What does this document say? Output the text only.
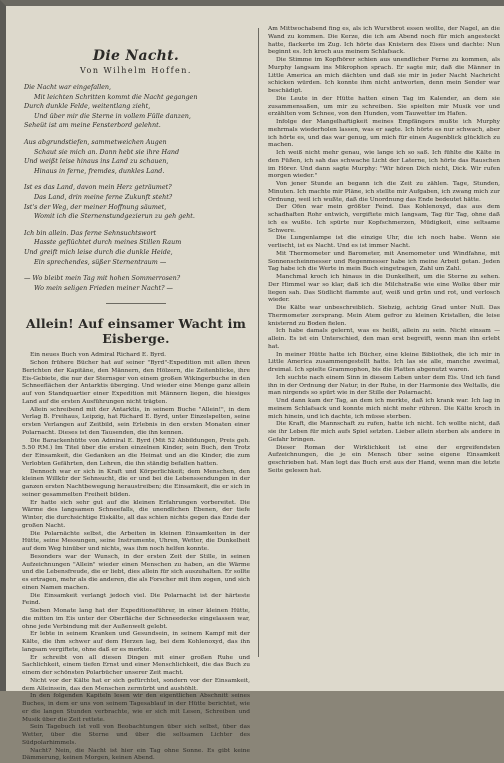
Die Nacht.
Von Wilhelm Hoffen.
Die Nacht war eingefallen,
Mit leichten Schritten kommt die Nacht gegangen
Durch dunkle Felde, weitentlang zieht,
Und über mir die Sterne in vollem Fülle danzen,
Seheüt ist am meine Fensterbord gelehnt.
Aus abgrundstiefen, sammetweichen Augen
Schaut sie mich an. Dann hebt sie ihre Hand
Und weißt leise hinaus ins Land zu schauen,
Hinaus in ferne, fremdes, dunkles Land.
Ist es das Land, davon mein Herz geträumet?
Das Land, drin meine ferne Zukunft steht?
Ist's der Weg, der meiner Hoffnung säumet,
Womit ich die Sternenstundgezierun zu geh geht.
Ich bin allein. Das ferne Sehnsuchtswort
Hasste geflüchtet durch meines Stillen Raum
Und greift mich leise durch die dunkle Heide,
Ein sprechendes, süßer Sternentraum —
— Wo bleibt mein Tag mit hohen Sommerrosen?
Wo mein seligen Frieden meiner Nacht? —
Allein! Auf einsamer Wacht im Eisberge.

Ein neues Buch von Admiral Richard E. Byrd.

Schon frühere Bücher hat auf seiner "Byrd"-Expedition mit allen ihren Berichten der Kapitäne, den Männern, den Hölzern, die Zeitenblicke, ihre Eis-Gebiete, die nur der Sternsger von einem großen Wikingerbuche in den Schneeflächen der Antarktis überging. Und wieder eine Menge ganz allein auf von Standquartier einer Expedition mit Männern liegen, die hiesiges Land auf die ersten Ausführungen nicht trägten.

Allein schreibend mit der Antarktis, in seinem Buche "Allein!", in dem Verlag B. Freihaus, Leipzig, hat Richard E. Byrd, unter Einzelspelten, seine ersten Verlangen auf Zeitbild, sein Erlebnis in den ersten Monaten einer Polarnacht. Dieses ist den Tausenden, die ihn kennen.

Die Barackenhütte von Admiral E. Byrd (Mit 52 Abbildungen, Preis geh. 5.50 RM.) Im Titel über die ersten einzelnen Kinder, sein Buch, den Trotz der Einsamkeit, die Gedanken an die Heimat und an die Kinder, die zum Verlobten Gefährten, den Lehren, die ihn ständig befallen hatten.

Dennoch war er sich in Kraft und Körperlichkeit; dem Menschen, den kleinen Willkür der Sehnsucht, die er und bei die Lebenssendungen in der ganzen ersten Nachtbewegung heraustreiben; die Einsamkeit, die er sich in seiner gesammelten Freiheit bilden.

Er hatte sich sehr gut auf die kleinen Erfahrungen vorbereitet. Die Wärme des langsamen Schneefalls, die unendlichen Ebenen, der tiefe Winter, die durchsichtige Eiskälte, all das schien nichts gegen das Ende der großen Nacht.

Die Polarnächte selbst, die Arbeiten in kleinen Einsamkeiten in der Hütte, seine Messungen, seine Instrumente, Uhren, Wetter, die Dunkelheit auf dem Weg hinüber und nichts, was ihm noch helfen konnte.

Besonders war der Wunsch, in der ersten Zeit der Stille, in seinen Aufzeichnungen "Allein" wieder einen Menschen zu haben, an die Wärme und die Lebensfreude, die er liebt, dies allein für sich auszuhalten. Er sollte es ertragen, mehr als die anderen, die als Forscher mit ihm zogen, und sich einen Namen machen.

Die Einsamkeit verlangt jedoch viel. Die Polarnacht ist der härteste Feind.

Sieben Monate lang hat der Expeditionsführer, in einer kleinen Hütte, die mitten im Eis unter der Oberfläche der Schneedecke eingelassen war, ohne jede Verbindung mit der Außenwelt gelebt.

Er lebte in seinem Kranken und Gesundsein, in seinem Kampf mit der Kälte, die ihm schwer auf dem Herzen lag, bei dem Kohlenoxyd, das ihn langsam vergiftete, ohne daß er es merkte.

Er schreibt von all diesen Dingen mit einer großen Ruhe und Sachlichkeit, einem tiefen Ernst und einer Menschlichkeit, die das Buch zu einem der schönsten Polarbücher unserer Zeit macht.

Nicht vor der Kälte hat er sich gefürchtet, sondern vor der Einsamkeit, dem Alleinsein, das den Menschen zermürbt und aushöhlt.

In den folgenden Kapiteln lesen wir den eigentlichen Abschnitt seines Buches, in dem er uns von seinem Tagesablauf in der Hütte berichtet, wie er die langen Stunden verbrachte, wie er sich mit Lesen, Schreiben und Musik über die Zeit rettete.

Sein Tagebuch ist voll von Beobachtungen über sich selbst, über das Wetter, über die Sterne und über die seltsamen Lichter des Südpolarhimmels.

Nacht? Nein, die Nacht ist hier ein Tag ohne Sonne. Es gibt keine Dämmerung, keinen Morgen, keinen Abend.

Am Mittwochabend fing es, als ich Wurstbrot essen wollte, der Nagel, an die Wand zu kommen. Die Kerze, die ich am Abend noch für mich angesteckt hatte, flackerte im Zug. Ich hörte das Knistern des Eises und dachte: Nun beginnt es. Ich kroch aus meinem Schlafsack.

Die Stimme im Kopfhörer schien aus unendlicher Ferne zu kommen, als Murphy langsam ins Mikrophon sprach. Er sagte mir, daß die Männer in Little America an mich dächten und daß sie mir in jeder Nacht Nachricht schicken würden. Ich konnte ihm nicht antworten, denn mein Sender war beschädigt.

Die Leute in der Hütte hatten einen Tag im Kalender, an dem sie zusammensaßen, um mir zu schreiben. Sie spielten mir Musik vor und erzählten vom Schnee, von den Hunden, vom Tauwetter im Hafen.

Infolge der Mangelhaftigkeit meines Empfängers mußte ich Murphy mehrmals wiederholen lassen, was er sagte. Ich hörte es nur schwach, aber ich hörte es, und das war genug, um mich für einen Augenblick glücklich zu machen.

Ich weiß nicht mehr genau, wie lange ich so saß. Ich fühlte die Kälte in den Füßen, ich sah das schwache Licht der Laterne, ich hörte das Rauschen im Hörer. Und dann sagte Murphy: "Wir hören Dich nicht, Dick. Wir rufen morgen wieder."

Von jener Stunde an begann ich die Zeit zu zählen. Tage, Stunden, Minuten. Ich machte mir Pläne, ich stellte mir Aufgaben, ich zwang mich zur Ordnung, weil ich wußte, daß die Unordnung das Ende bedeutet hätte.

Der Ofen war mein größter Feind. Das Kohlenoxyd, das aus dem schadhaften Rohr entwich, vergiftete mich langsam, Tag für Tag, ohne daß ich es wußte. Ich spürte nur Kopfschmerzen, Müdigkeit, eine seltsame Schwere.

Die Lungenlampe ist die einzige Uhr, die ich noch habe. Wenn sie verlischt, ist es Nacht. Und es ist immer Nacht.

Mit Thermometer und Barometer, mit Anemometer und Windfahne, mit Sonnenscheinmesser und Regenmesser habe ich meine Arbeit getan. Jeden Tag habe ich die Werte in mein Buch eingetragen, Zahl um Zahl.

Manchmal kroch ich hinaus in die Dunkelheit, um die Sterne zu sehen. Der Himmel war so klar, daß ich die Milchstraße wie eine Wolke über mir liegen sah. Das Südlicht flammte auf, weiß und grün und rot, und verlosch wieder.

Die Kälte war unbeschreiblich. Siebzig, achtzig Grad unter Null. Das Thermometer zersprang. Mein Atem gefror zu kleinen Kristallen, die leise knisternd zu Boden fielen.

Ich habe damals gelernt, was es heißt, allein zu sein. Nicht einsam — allein. Es ist ein Unterschied, den man erst begreift, wenn man ihn erlebt hat.

In meiner Hütte hatte ich Bücher, eine kleine Bibliothek, die ich mir in Little America zusammengestellt hatte. Ich las sie alle, manche zweimal, dreimal. Ich spielte Grammophon, bis die Platten abgenutzt waren.

Ich suchte nach einem Sinn in diesem Leben unter dem Eis. Und ich fand ihn in der Ordnung der Natur, in der Ruhe, in der Harmonie des Weltalls, die man nirgends so spürt wie in der Stille der Polarnacht.

Und dann kam der Tag, an dem ich merkte, daß ich krank war. Ich lag in meinem Schlafsack und konnte mich nicht mehr rühren. Die Kälte kroch in mich hinein, und ich dachte, ich müsse sterben.

Die Kraft, die Mannschaft zu rufen, hatte ich nicht. Ich wollte nicht, daß sie ihr Leben für mich aufs Spiel setzten. Lieber allein sterben als andere in Gefahr bringen.

Dieser Roman der Wirklichkeit ist eine der ergreifendsten Aufzeichnungen, die je ein Mensch über seine eigene Einsamkeit geschrieben hat. Man legt das Buch erst aus der Hand, wenn man die letzte Seite gelesen hat.
